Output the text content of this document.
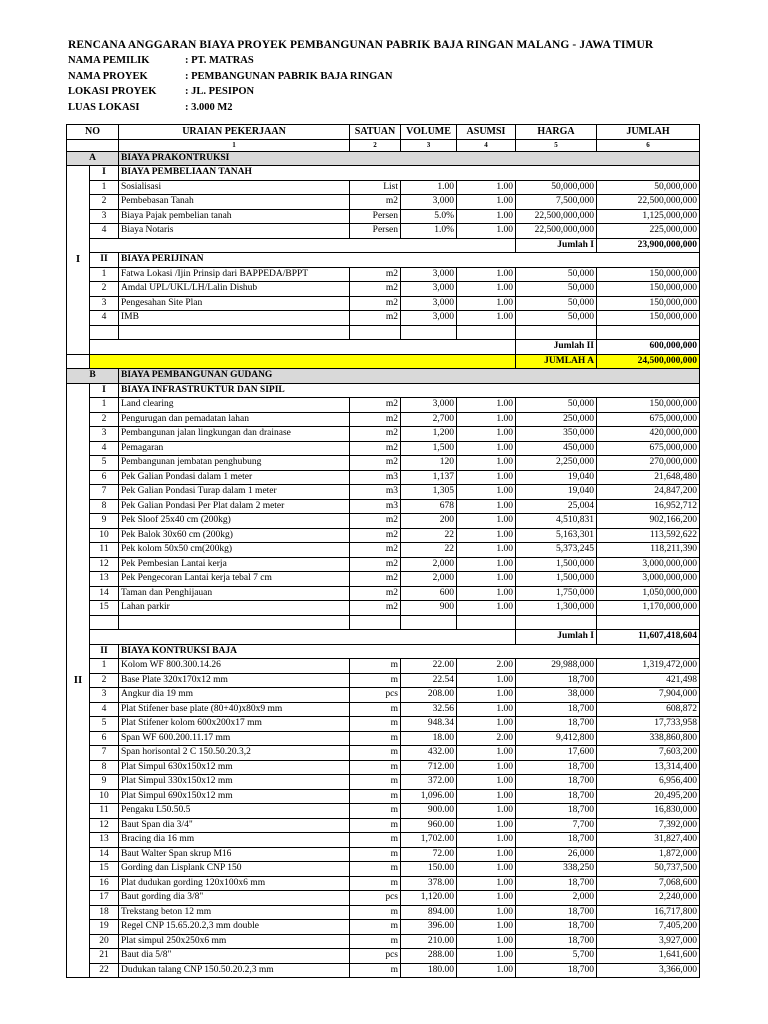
RENCANA ANGGARAN BIAYA PROYEK PEMBANGUNAN PABRIK BAJA RINGAN MALANG - JAWA TIMUR
NAMA PEMILIK	: PT. MATRAS
NAMA PROYEK	: PEMBANGUNAN PABRIK BAJA RINGAN
LOKASI PROYEK	: JL. PESIPON
LUAS LOKASI	: 3.000 M2
NO		URAIAN PEKERJAAN	SATUAN	VOLUME	ASUMSI	HARGA	JUMLAH
		1	2	3	4	5	6
A		BIAYA PRAKONTRUKSI					
I	I	BIAYA PEMBELIAAN TANAH					
	1	Sosialisasi	List	1.00	1.00	50,000,000	50,000,000
	2	Pembebasan Tanah	m2	3,000	1.00	7,500,000	22,500,000,000
	3	Biaya Pajak pembelian tanah	Persen	5.0%	1.00	22,500,000,000	1,125,000,000
	4	Biaya Notaris	Persen	1.0%	1.00	22,500,000,000	225,000,000
						Jumlah I	23,900,000,000
	II	BIAYA PERIJINAN					
	1	Fatwa Lokasi /Ijin Prinsip dari BAPPEDA/BPPT	m2	3,000	1.00	50,000	150,000,000
	2	Amdal UPL/UKL/LH/Lalin Dishub	m2	3,000	1.00	50,000	150,000,000
	3	Pengesahan Site Plan	m2	3,000	1.00	50,000	150,000,000
	4	IMB	m2	3,000	1.00	50,000	150,000,000

						Jumlah II	600,000,000
						JUMLAH A	24,500,000,000
B		BIAYA PEMBANGUNAN GUDANG					
II	I	BIAYA INFRASTRUKTUR DAN SIPIL					
	1	Land clearing	m2	3,000	1.00	50,000	150,000,000
	2	Pengurugan dan pemadatan lahan	m2	2,700	1.00	250,000	675,000,000
	3	Pembangunan jalan lingkungan dan drainase	m2	1,200	1.00	350,000	420,000,000
	4	Pemagaran	m2	1,500	1.00	450,000	675,000,000
	5	Pembangunan jembatan penghubung	m2	120	1.00	2,250,000	270,000,000
	6	Pek Galian Pondasi dalam 1 meter	m3	1,137	1.00	19,040	21,648,480
	7	Pek Galian Pondasi Turap dalam 1 meter	m3	1,305	1.00	19,040	24,847,200
	8	Pek Galian Pondasi Per Plat dalam 2 meter	m3	678	1.00	25,004	16,952,712
	9	Pek Sloof 25x40 cm (200kg)	m2	200	1.00	4,510,831	902,166,200
	10	Pek Balok 30x60 cm (200kg)	m2	22	1.00	5,163,301	113,592,622
	11	Pek kolom 50x50 cm(200kg)	m2	22	1.00	5,373,245	118,211,390
	12	Pek Pembesian Lantai kerja	m2	2,000	1.00	1,500,000	3,000,000,000
	13	Pek Pengecoran Lantai kerja tebal 7 cm	m2	2,000	1.00	1,500,000	3,000,000,000
	14	Taman dan Penghijauan	m2	600	1.00	1,750,000	1,050,000,000
	15	Lahan parkir	m2	900	1.00	1,300,000	1,170,000,000

						Jumlah I	11,607,418,604
	II	BIAYA KONTRUKSI BAJA					
	1	Kolom WF 800.300.14.26	m	22.00	2.00	29,988,000	1,319,472,000
	2	Base Plate 320x170x12 mm	m	22.54	1.00	18,700	421,498
	3	Angkur dia 19 mm	pcs	208.00	1.00	38,000	7,904,000
	4	Plat Stifener base plate (80+40)x80x9 mm	m	32.56	1.00	18,700	608,872
	5	Plat Stifener kolom 600x200x17 mm	m	948.34	1.00	18,700	17,733,958
	6	Span WF 600.200.11.17 mm	m	18.00	2.00	9,412,800	338,860,800
	7	Span horisontal 2 C 150.50.20.3,2	m	432.00	1.00	17,600	7,603,200
	8	Plat Simpul 630x150x12 mm	m	712.00	1.00	18,700	13,314,400
	9	Plat Simpul 330x150x12 mm	m	372.00	1.00	18,700	6,956,400
	10	Plat Simpul 690x150x12 mm	m	1,096.00	1.00	18,700	20,495,200
	11	Pengaku L50.50.5	m	900.00	1.00	18,700	16,830,000
	12	Baut Span dia 3/4"	m	960.00	1.00	7,700	7,392,000
	13	Bracing dia 16 mm	m	1,702.00	1.00	18,700	31,827,400
	14	Baut Walter Span skrup M16	m	72.00	1.00	26,000	1,872,000
	15	Gording dan Lisplank CNP 150	m	150.00	1.00	338,250	50,737,500
	16	Plat dudukan gording 120x100x6 mm	m	378.00	1.00	18,700	7,068,600
	17	Baut gording dia 3/8"	pcs	1,120.00	1.00	2,000	2,240,000
	18	Trekstang beton 12 mm	m	894.00	1.00	18,700	16,717,800
	19	Regel CNP 15.65.20.2,3 mm double	m	396.00	1.00	18,700	7,405,200
	20	Plat simpul 250x250x6 mm	m	210.00	1.00	18,700	3,927,000
	21	Baut dia 5/8"	pcs	288.00	1.00	5,700	1,641,600
	22	Dudukan talang CNP 150.50.20.2,3 mm	m	180.00	1.00	18,700	3,366,000
